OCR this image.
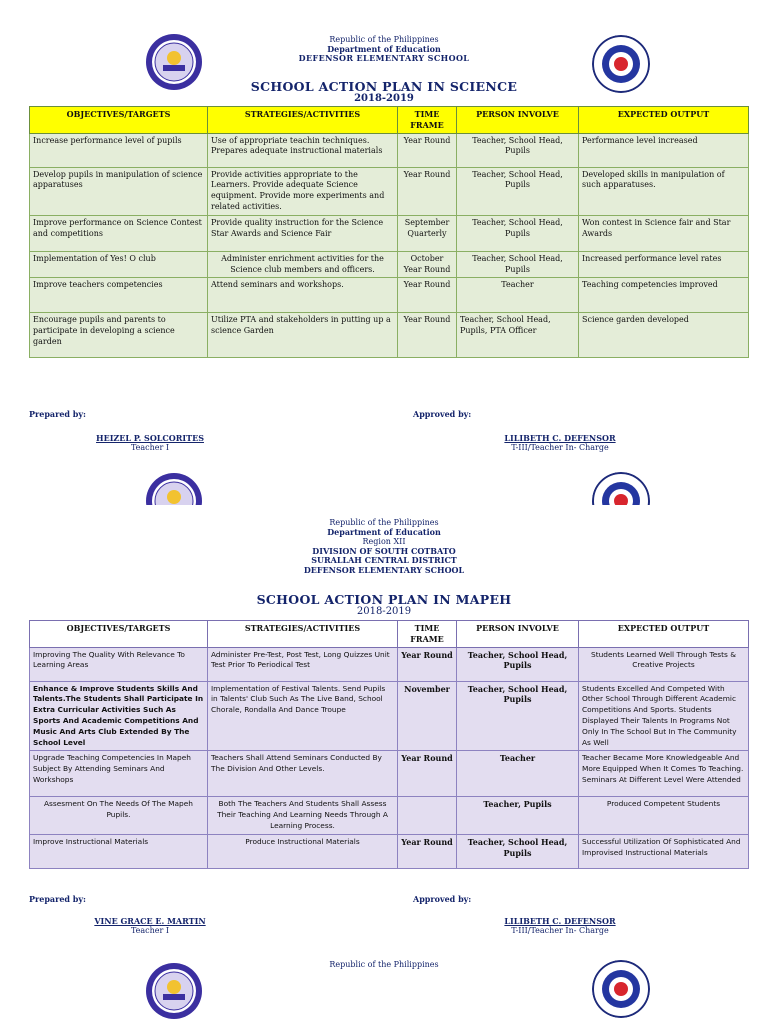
Republic of the Philippines
Department of Education
DEFENSOR ELEMENTARY SCHOOL
SCHOOL ACTION PLAN IN SCIENCE
2018-2019
OBJECTIVES/TARGETS	STRATEGIES/ACTIVITIES	TIME FRAME	PERSON INVOLVE	EXPECTED OUTPUT
Increase performance level of pupils	Use of appropriate teachin techniques. Prepares adequate instructional materials	Year Round	Teacher, School Head, Pupils	Performance level increased
Develop pupils in manipulation of science apparatuses	Provide activities appropriate to the Learners. Provide adequate Science equipment. Provide more experiments and related activities.	Year Round	Teacher, School Head, Pupils	Developed skills in manipulation of such apparatuses.
Improve performance on Science Contest and competitions	Provide quality instruction for the Science Star Awards and Science Fair	September Quarterly	Teacher, School Head, Pupils	Won contest in Science fair and Star Awards
Implementation of Yes! O club	Administer enrichment activities for the Science club members and officers.	October Year Round	Teacher, School Head, Pupils	Increased performance level rates
Improve teachers competencies	Attend seminars and workshops.	Year Round	Teacher	Teaching competencies improved
Encourage pupils and parents to participate in developing a science garden	Utilize PTA and stakeholders in putting up a science Garden	Year Round	Teacher, School Head, Pupils, PTA Officer	Science garden developed
Prepared by:	Approved by:
HEIZEL P. SOLCORITES
Teacher I
LILIBETH C. DEFENSOR
T-III/Teacher In- Charge
Republic of the Philippines
Department of Education
Region XII
DIVISION OF SOUTH COTBATO
SURALLAH CENTRAL DISTRICT
DEFENSOR ELEMENTARY SCHOOL
SCHOOL ACTION PLAN IN MAPEH
2018-2019
OBJECTIVES/TARGETS	STRATEGIES/ACTIVITIES	TIME FRAME	PERSON INVOLVE	EXPECTED OUTPUT
Improving The Quality With Relevance To Learning Areas	Administer Pre-Test, Post Test, Long Quizzes Unit Test Prior To Periodical Test	Year Round	Teacher, School Head, Pupils	Students Learned Well Through Tests & Creative Projects
Enhance & Improve Students Skills And Talents.The Students Shall Participate In Extra Curricular Activities Such As Sports And Academic Competitions And Music And Arts Club Extended By The School Level	Implementation of Festival Talents. Send Pupils in Talents' Club Such As The Live Band, School Chorale, Rondalla And Dance Troupe	November	Teacher, School Head, Pupils	Students Excelled And Competed With Other School Through Different Academic Competitions And Sports. Students Displayed Their Talents In Programs Not Only In The School But In The Community As Well
Upgrade Teaching Competencies In Mapeh Subject By Attending Seminars And Workshops	Teachers Shall Attend Seminars Conducted By The Division And Other Levels.	Year Round	Teacher	Teacher Became More Knowledgeable And More Equipped When It Comes To Teaching. Seminars At Different Level Were Attended
Assesment On The Needs Of The Mapeh Pupils.	Both The Teachers And Students Shall Assess Their Teaching And Learning Needs Through A Learning Process.		Teacher, Pupils	Produced Competent Students
Improve Instructional Materials	Produce Instructional Materials	Year Round	Teacher, School Head, Pupils	Successful Utilization Of Sophisticated And Improvised Instructional Materials
Prepared by:	Approved by:
VINE GRACE E. MARTIN
Teacher I
LILIBETH C. DEFENSOR
T-III/Teacher In- Charge
Republic of the Philippines
